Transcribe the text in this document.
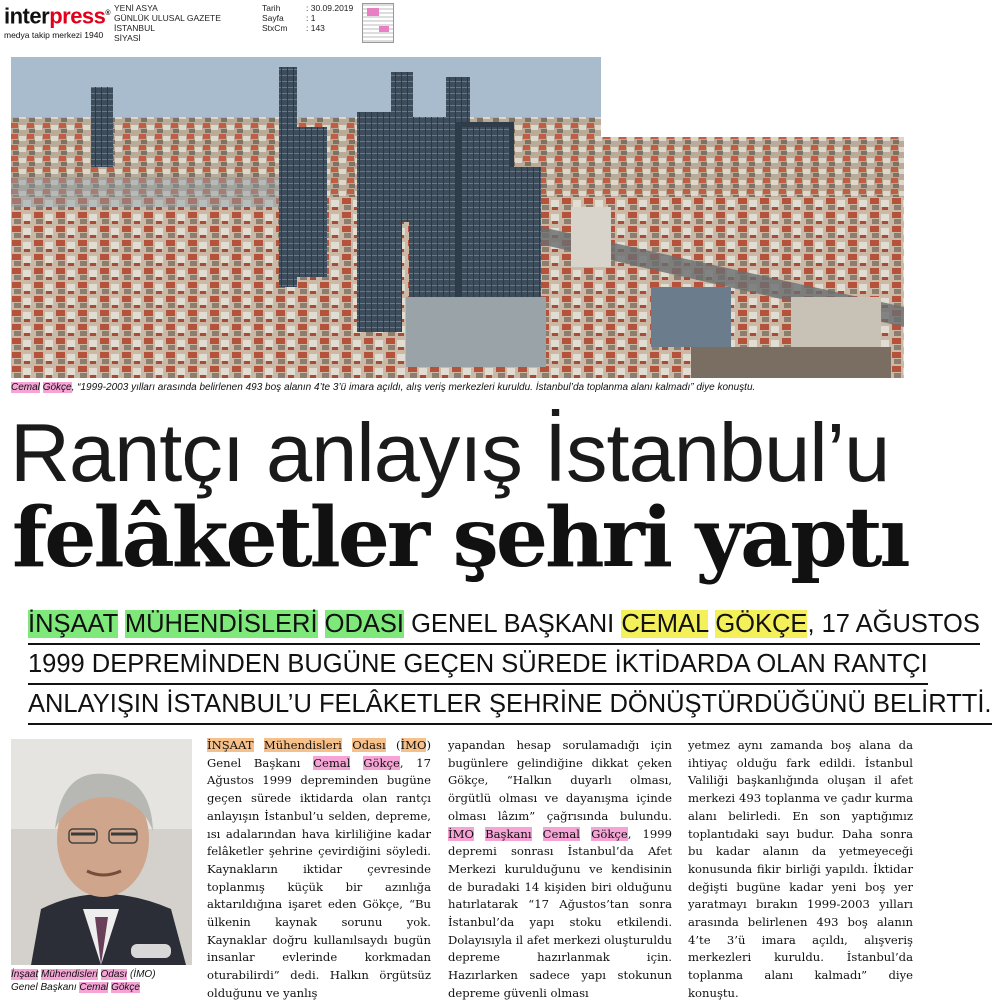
interpress®
medya takip merkezi 1940
YENİ ASYA
GÜNLÜK ULUSAL GAZETE
İSTANBUL
SİYASİ
Tarih	: 30.09.2019
Sayfa	: 1
StxCm	: 143
Cemal Gökçe, “1999-2003 yılları arasında belirlenen 493 boş alanın 4’te 3’ü imara açıldı, alış veriş merkezleri kuruldu. İstanbul’da toplanma alanı kalmadı” diye konuştu.
Rantçı anlayış İstanbul’u
felâketler şehri yaptı
İNŞAAT MÜHENDİSLERİ ODASI GENEL BAŞKANI CEMAL GÖKÇE, 17 AĞUSTOS
1999 DEPREMİNDEN BUGÜNE GEÇEN SÜREDE İKTİDARDA OLAN RANTÇI
ANLAYIŞIN İSTANBUL’U FELÂKETLER ŞEHRİNE DÖNÜŞTÜRDÜĞÜNÜ BELİRTTİ.
İnşaat Mühendisleri Odası (İMO)
Genel Başkanı Cemal Gökçe

İNŞAAT Mühendisleri Odası (İMO) Genel Başkanı Cemal Gökçe, 17 Ağustos 1999 depreminden bugüne geçen sürede iktidarda olan rantçı anlayışın İstanbul’u selden, depreme, ısı adalarından hava kirliliğine kadar felâketler şehrine çevirdiğini söyledi. Kaynakların iktidar çevresinde toplanmış küçük bir azınlığa aktarıldığına işaret eden Gökçe, “Bu ülkenin kaynak sorunu yok. Kaynaklar doğru kullanılsaydı bugün insanlar evlerinde korkmadan oturabilirdi” dedi. Halkın örgütsüz olduğunu ve yanlış

yapandan hesap sorulamadığı için bugünlere gelindiğine dikkat çeken Gökçe, “Halkın duyarlı olması, örgütlü olması ve dayanışma içinde olması lâzım” çağrısında bulundu. İMO Başkanı Cemal Gökçe, 1999 depremi sonrası İstanbul’da Afet Merkezi kurulduğunu ve kendisinin de buradaki 14 kişiden biri olduğunu hatırlatarak “17 Ağustos’tan sonra İstanbul’da yapı stoku etkilendi. Dolayısıyla il afet merkezi oluşturuldu depreme hazırlanmak için. Hazırlarken sadece yapı stokunun depreme güvenli olması

yetmez aynı zamanda boş alana da ihtiyaç olduğu fark edildi. İstanbul Valiliği başkanlığında oluşan il afet merkezi 493 toplanma ve çadır kurma alanı belirledi. En son yaptığımız toplantıdaki sayı budur. Daha sonra bu kadar alanın da yetmeyeceği konusunda fikir birliği yapıldı. İktidar değişti bugüne kadar yeni boş yer yaratmayı bırakın 1999-2003 yılları arasında belirlenen 493 boş alanın 4’te 3’ü imara açıldı, alışveriş merkezleri kuruldu. İstanbul’da toplanma alanı kalmadı” diye konuştu.
